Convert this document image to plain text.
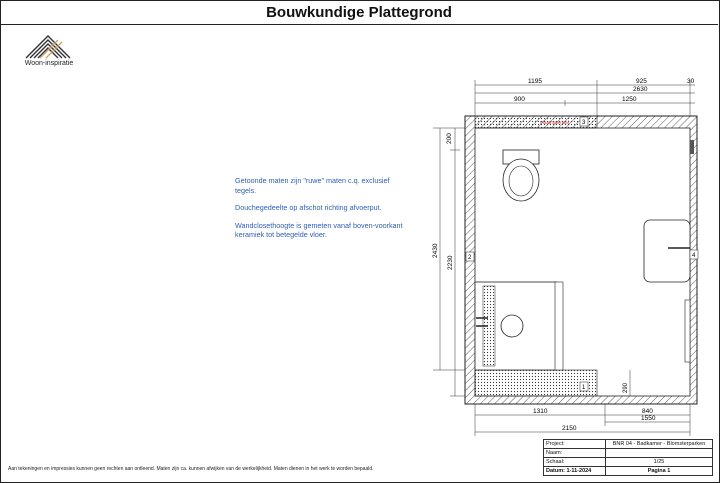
Bouwkundige Plattegrond
Woon-inspiratie

Getoonde maten zijn "ruwe" maten c.q. exclusief tegels.

Douchegedeelte op afschot richting afvoerput.

Wandclosethoogte is gemeten vanaf boven-voorkant keramiek tot betegelde vloer.

Plaatmateriaal
1
2
3
4
1195	925	30
2630
900	1250
200
2430
2230
290
1310	840
1550
2150
Aan tekeningen en impressies kunnen geen rechten aan ontleend. Maten zijn ca. kunnen afwijken van de werkelijkheid. Maten dienen in het werk te worden bepaald.
Project:	BNR 04 - Badkamer - Blomsterparken
Naam:	
Schaal:	1/25
Datum: 1-11-2024	Pagina 1
